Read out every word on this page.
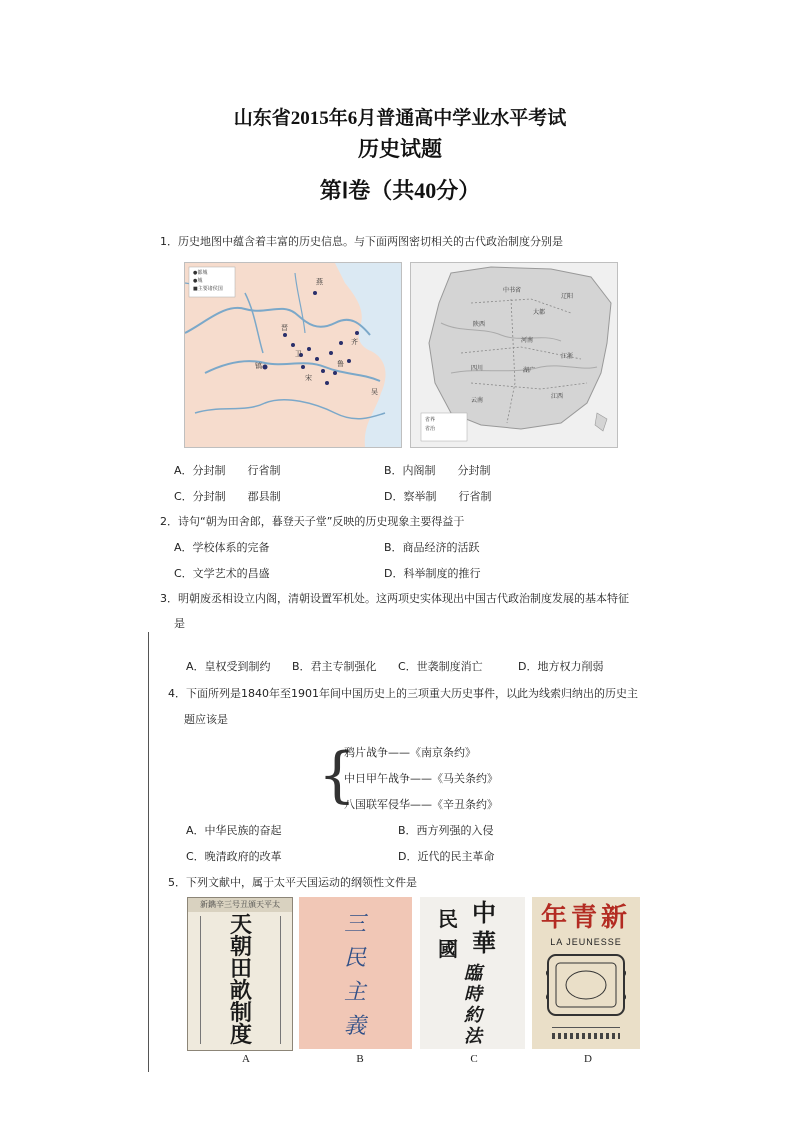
山东省2015年6月普通高中学业水平考试
历史试题
第Ⅰ卷（共40分）
1．历史地图中蕴含着丰富的历史信息。与下面两图密切相关的古代政治制度分别是
●都城
●城
■主要诸侯国
燕
晋
齐
鲁
宋
卫
镐
吴
中书省
辽阳
陕西
河南
湖广
江浙
江西
四川
云南
大都
省界
省治
A．分封制　　行省制	B．内阁制　　分封制
C．分封制　　郡县制	D．察举制　　行省制
2．诗句“朝为田舍郎，暮登天子堂”反映的历史现象主要得益于
A．学校体系的完备	B．商品经济的活跃
C．文学艺术的昌盛	D．科举制度的推行
3．明朝废丞相设立内阁，清朝设置军机处。这两项史实体现出中国古代政治制度发展的基本特征
是
A．皇权受到制约 B．君主专制强化 C．世袭制度消亡	D．地方权力削弱
4．下面所列是1840年至1901年间中国历史上的三项重大历史事件，以此为线索归纳出的历史主
题应该是
{
鸦片战争——《南京条约》
中日甲午战争——《马关条约》
八国联军侵华——《辛丑条约》
A．中华民族的奋起	B．西方列强的入侵
C．晚清政府的改革	D．近代的民主革命
5．下列文献中，属于太平天国运动的纲领性文件是
新鐫辛三号丑頒天平太
天
朝
田
畝
制
度
A
三
民
主
義
B
中
華
民國
臨
時
約
法
C
新青年
LA JEUNESSE
D
